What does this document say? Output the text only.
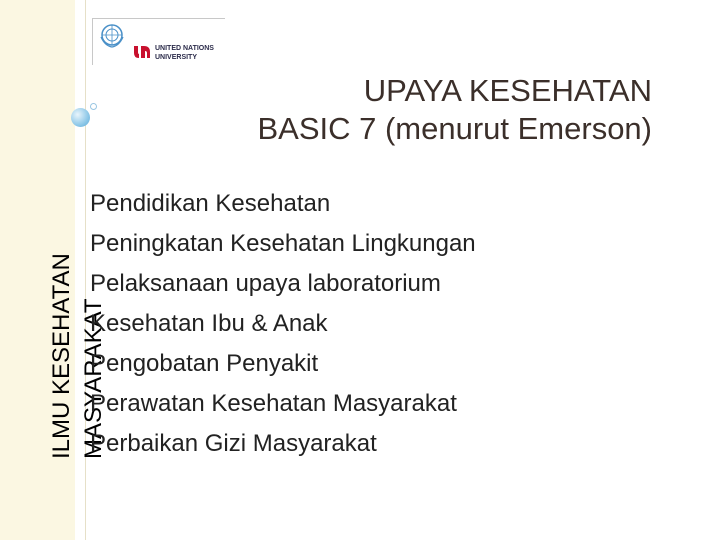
UNITED NATIONS
UNIVERSITY
UPAYA KESEHATAN
BASIC 7 (menurut Emerson)
ILMU KESEHATAN MASYARAKAT
Pendidikan Kesehatan
Peningkatan Kesehatan Lingkungan
Pelaksanaan upaya laboratorium
Kesehatan Ibu & Anak
Pengobatan Penyakit
Perawatan Kesehatan Masyarakat
Perbaikan Gizi Masyarakat
